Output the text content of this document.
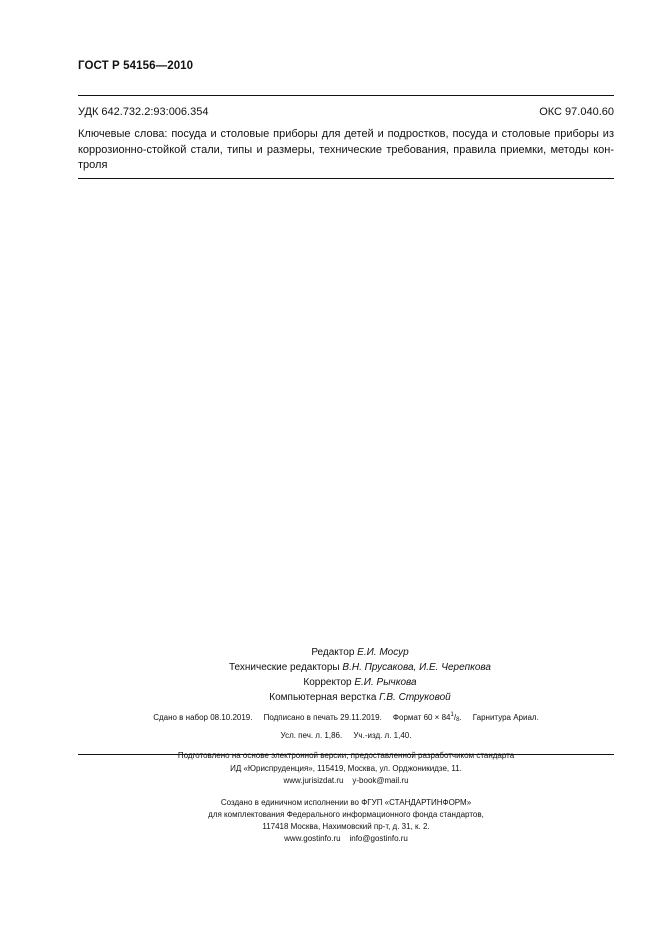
ГОСТ Р 54156—2010
УДК 642.732.2:93:006.354	ОКС 97.040.60
Ключевые слова: посуда и столовые приборы для детей и подростков, посуда и столовые приборы из
коррозионно-стойкой стали, типы и размеры, технические требования, правила приемки, методы кон-
троля
Редактор Е.И. Мосур
Технические редакторы В.Н. Прусакова, И.Е. Черепкова
Корректор Е.И. Рычкова
Компьютерная верстка Г.В. Струковой
Сдано в набор 08.10.2019. Подписано в печать 29.11.2019. Формат $60 \times 84^1/8$. Гарнитура Ариал.
Усл. печ. л. 1,86. Уч.-изд. л. 1,40.
Подготовлено на основе электронной версии, предоставленной разработчиком стандарта
ИД «Юриспруденция», 115419, Москва, ул. Орджоникидзе, 11.
www.jurisizdat.ru    y-book@mail.ru
Создано в единичном исполнении во ФГУП «СТАНДАРТИНФОРМ»
для комплектования Федерального информационного фонда стандартов,
117418 Москва, Нахимовский пр-т, д. 31, к. 2.
www.gostinfo.ru    info@gostinfo.ru
